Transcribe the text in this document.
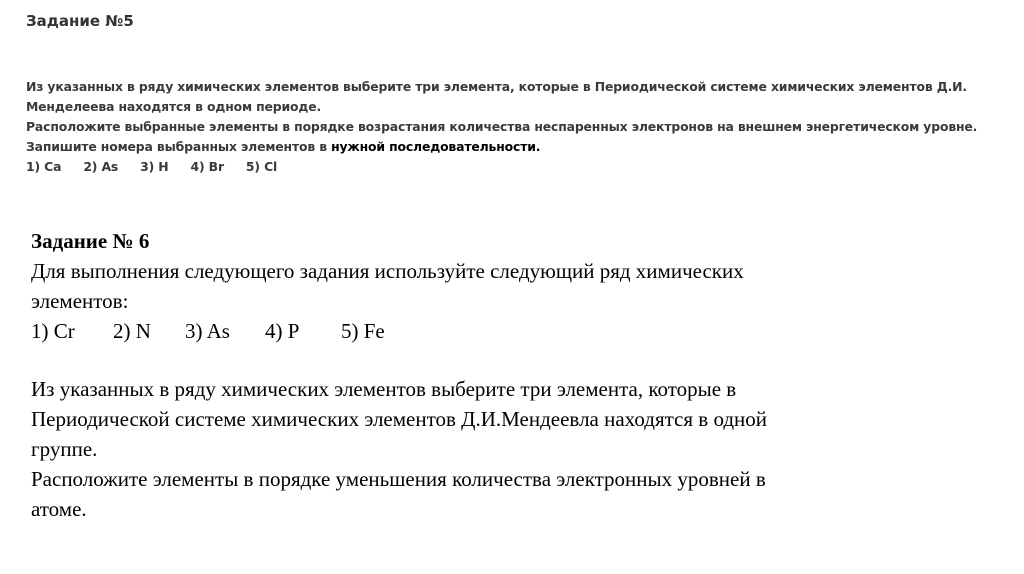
Задание №5
Из указанных в ряду химических элементов выберите три элемента, которые в Периодической системе химических элементов Д.И.
Менделеева находятся в одном периоде.
Расположите выбранные элементы в порядке возрастания количества неспаренных электронов на внешнем энергетическом уровне.
Запишите номера выбранных элементов в нужной последовательности.
1) Ca 2) As 3) H 4) Br 5) Cl
Задание № 6
Для выполнения следующего задания используйте следующий ряд химических
элементов:
1) Cr 2) N 3) As 4) P 5) Fe
Из указанных в ряду химических элементов выберите три элемента, которые в
Периодической системе химических элементов Д.И.Мендеевла находятся в одной
группе.
Расположите элементы в порядке уменьшения количества электронных уровней в
атоме.
